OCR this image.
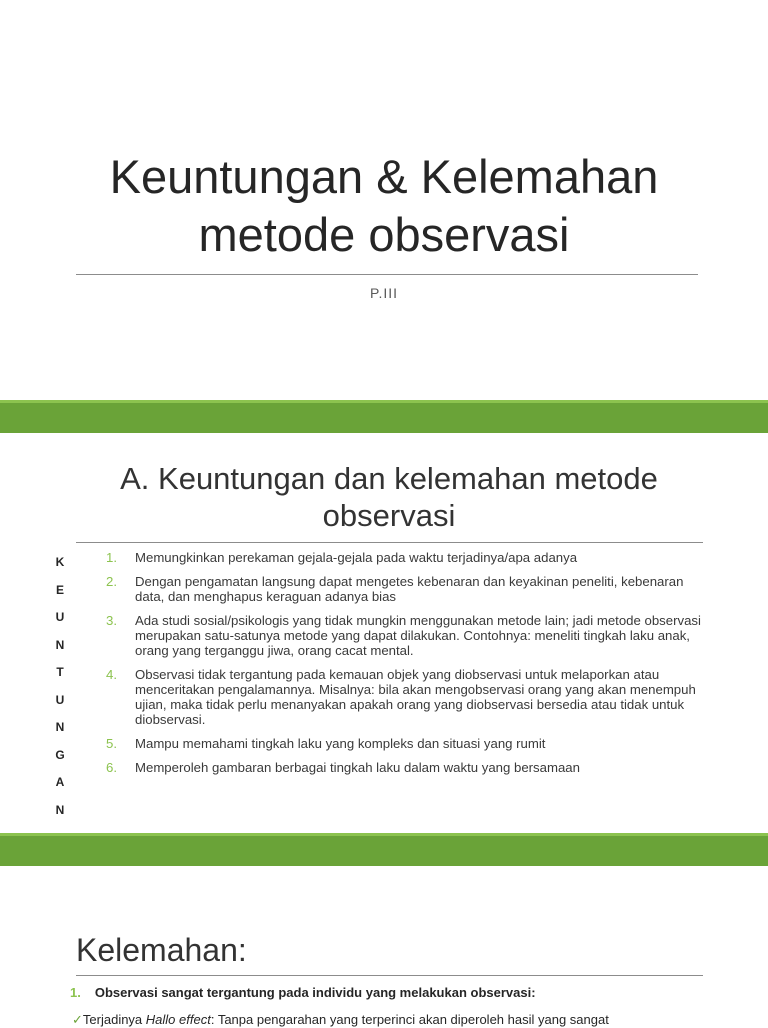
Keuntungan & Kelemahan
metode observasi
P.III
A. Keuntungan dan kelemahan metode
observasi
K
E
U
N
T
U
N
G
A
N
1. Memungkinkan perekaman gejala-gejala pada waktu terjadinya/apa adanya
2. Dengan pengamatan langsung dapat mengetes kebenaran dan keyakinan peneliti, kebenaran data, dan menghapus keraguan adanya bias
3. Ada studi sosial/psikologis yang tidak mungkin menggunakan metode lain; jadi metode observasi merupakan satu-satunya metode yang dapat dilakukan. Contohnya: meneliti tingkah laku anak, orang yang terganggu jiwa, orang cacat mental.
4. Observasi tidak tergantung pada kemauan objek yang diobservasi untuk melaporkan atau menceritakan pengalamannya. Misalnya: bila akan mengobservasi orang yang akan menempuh ujian, maka tidak perlu menanyakan apakah orang yang diobservasi bersedia atau tidak untuk diobservasi.
5. Mampu memahami tingkah laku yang kompleks dan situasi yang rumit
6. Memperoleh gambaran berbagai tingkah laku dalam waktu yang bersamaan
Kelemahan:
1. Observasi sangat tergantung pada individu yang melakukan observasi:
✓Terjadinya Hallo effect: Tanpa pengarahan yang terperinci akan diperoleh hasil yang sangat
